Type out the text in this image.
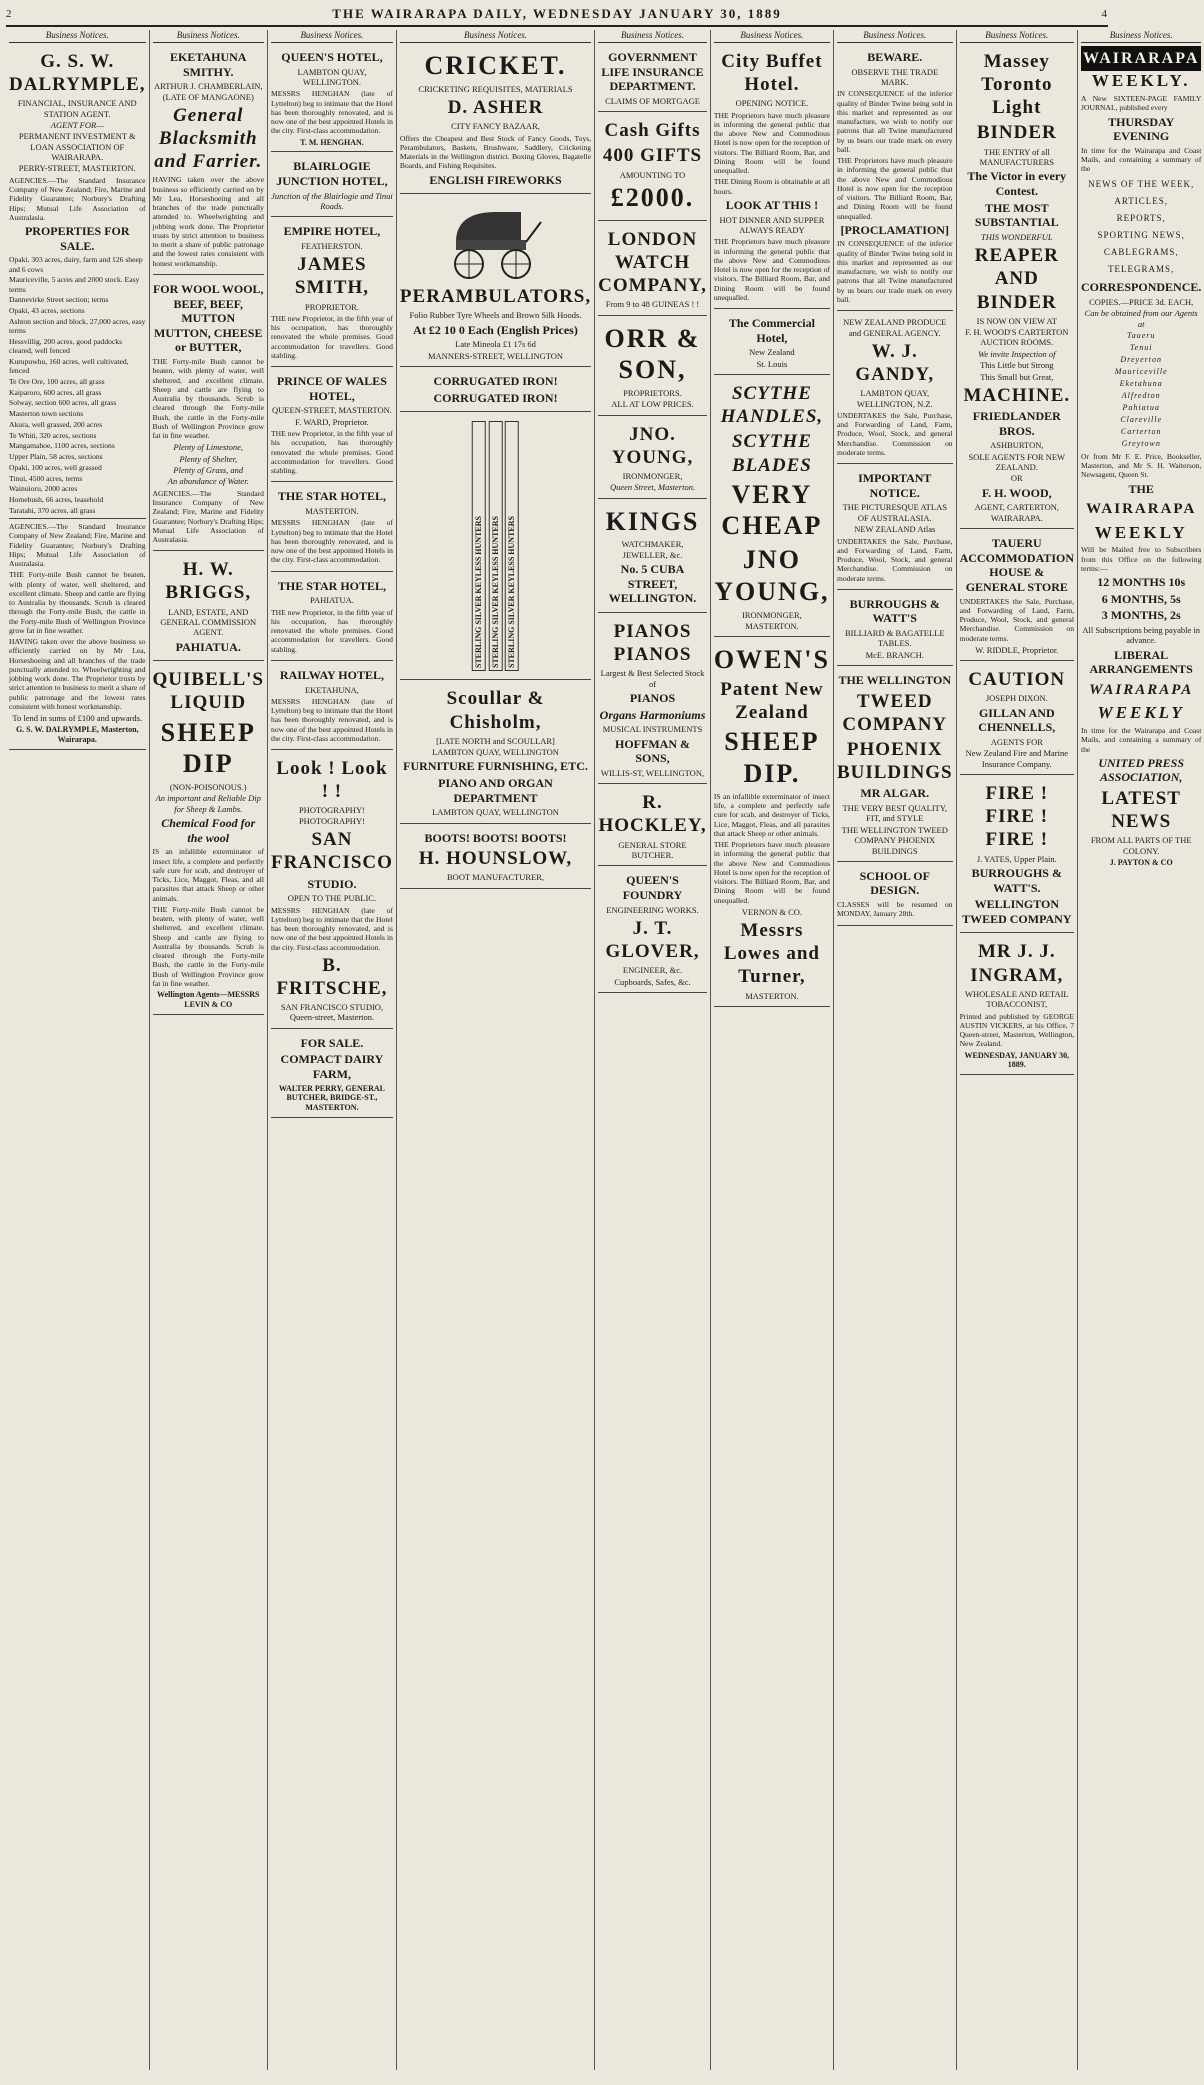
2	THE WAIRARAPA DAILY, WEDNESDAY JANUARY 30, 1889	4
Business Notices.
G. S. W. DALRYMPLE,
FINANCIAL, INSURANCE AND STATION AGENT.
AGENT FOR—
PERMANENT INVESTMENT & LOAN ASSOCIATION OF WAIRARAPA.
PERRY-STREET, MASTERTON.
AGENCIES.—The Standard Insurance Company of New Zealand; Fire, Marine and Fidelity Guarantee; Norbury's Drafting Hips; Mutual Life Association of Australasia.
PROPERTIES FOR SALE.
Opaki, 303 acres, dairy, farm and 126 sheep and 6 cows
Mauriceville, 5 acres and 2000 stock. Easy terms
Dannevirke Street section; terms
Opaki, 43 acres, sections
Ashton section and block, 27,000 acres, easy terms
Hessvillig, 200 acres, good paddocks cleared, well fenced
Kurupuwhu, 160 acres, well cultivated, fenced
Te Ore Ore, 100 acres, all grass
Kaiparoro, 600 acres, all grass
Solway, section 600 acres, all grass
Masterton town sections
Akura, well grassed, 200 acres
Te Whiti, 320 acres, sections
Mangamahoe, 1100 acres, sections
Upper Plain, 58 acres, sections
Opaki, 100 acres, well grassed
Tinui, 4500 acres, terms
Wainuioru, 2000 acres
Homebush, 66 acres, leasehold
Taratahi, 370 acres, all grass
AGENCIES.—The Standard Insurance Company of New Zealand; Fire, Marine and Fidelity Guarantee; Norbury's Drafting Hips; Mutual Life Association of Australasia.
THE Forty-mile Bush cannot be beaten, with plenty of water, well sheltered, and excellent climate. Sheep and cattle are flying to Australia by thousands. Scrub is cleared through the Forty-mile Bush, the cattle in the Forty-mile Bush of Wellington Province grow fat in fine weather.
HAVING taken over the above business so efficiently carried on by Mr Lea, Horseshoeing and all branches of the trade punctually attended to. Wheelwrighting and jobbing work done. The Proprietor trusts by strict attention to business to merit a share of public patronage and the lowest rates consistent with honest workmanship.
To lend in sums of £100 and upwards.
G. S. W. DALRYMPLE, Masterton, Wairarapa.
Business Notices.
EKETAHUNA SMITHY.
ARTHUR J. CHAMBERLAIN, (LATE OF MANGAONE)
General Blacksmith and Farrier.
HAVING taken over the above business so efficiently carried on by Mr Lea, Horseshoeing and all branches of the trade punctually attended to. Wheelwrighting and jobbing work done. The Proprietor trusts by strict attention to business to merit a share of public patronage and the lowest rates consistent with honest workmanship.
FOR WOOL WOOL, BEEF, BEEF, MUTTON MUTTON, CHEESE or BUTTER,
THE Forty-mile Bush cannot be beaten, with plenty of water, well sheltered, and excellent climate. Sheep and cattle are flying to Australia by thousands. Scrub is cleared through the Forty-mile Bush, the cattle in the Forty-mile Bush of Wellington Province grow fat in fine weather.
Plenty of Limestone,
Plenty of Shelter,
Plenty of Grass, and
An abundance of Water.
AGENCIES.—The Standard Insurance Company of New Zealand; Fire, Marine and Fidelity Guarantee; Norbury's Drafting Hips; Mutual Life Association of Australasia.
H. W. BRIGGS,
LAND, ESTATE, AND GENERAL COMMISSION AGENT.
PAHIATUA.
QUIBELL'S LIQUID
SHEEP DIP
(NON-POISONOUS.)
An important and Reliable Dip for Sheep & Lambs.
Chemical Food for the wool
IS an infallible exterminator of insect life, a complete and perfectly safe cure for scab, and destroyer of Ticks, Lice, Maggot, Fleas, and all parasites that attack Sheep or other animals.
THE Forty-mile Bush cannot be beaten, with plenty of water, well sheltered, and excellent climate. Sheep and cattle are flying to Australia by thousands. Scrub is cleared through the Forty-mile Bush, the cattle in the Forty-mile Bush of Wellington Province grow fat in fine weather.
Wellington Agents—MESSRS LEVIN & CO
Business Notices.
QUEEN'S HOTEL,
LAMBTON QUAY, WELLINGTON.
MESSRS HENGHAN (late of Lyttelton) beg to intimate that the Hotel has been thoroughly renovated, and is now one of the best appointed Hotels in the city. First-class accommodation.
T. M. HENGHAN.
BLAIRLOGIE JUNCTION HOTEL,
Junction of the Blairlogie and Tinui Roads.
EMPIRE HOTEL,
FEATHERSTON.
JAMES SMITH,
PROPRIETOR.
THE new Proprietor, in the fifth year of his occupation, has thoroughly renovated the whole premises. Good accommodation for travellers. Good stabling.
PRINCE OF WALES HOTEL,
QUEEN-STREET, MASTERTON.
F. WARD, Proprietor.
THE new Proprietor, in the fifth year of his occupation, has thoroughly renovated the whole premises. Good accommodation for travellers. Good stabling.
THE STAR HOTEL,
MASTERTON.
MESSRS HENGHAN (late of Lyttelton) beg to intimate that the Hotel has been thoroughly renovated, and is now one of the best appointed Hotels in the city. First-class accommodation.
THE STAR HOTEL,
PAHIATUA.
THE new Proprietor, in the fifth year of his occupation, has thoroughly renovated the whole premises. Good accommodation for travellers. Good stabling.
RAILWAY HOTEL,
EKETAHUNA,
MESSRS HENGHAN (late of Lyttelton) beg to intimate that the Hotel has been thoroughly renovated, and is now one of the best appointed Hotels in the city. First-class accommodation.
Look ! Look ! !
PHOTOGRAPHY! PHOTOGRAPHY!
SAN FRANCISCO
STUDIO.
OPEN TO THE PUBLIC.
MESSRS HENGHAN (late of Lyttelton) beg to intimate that the Hotel has been thoroughly renovated, and is now one of the best appointed Hotels in the city. First-class accommodation.
B. FRITSCHE,
SAN FRANCISCO STUDIO, Queen-street, Masterton.
FOR SALE.
COMPACT DAIRY FARM,
WALTER PERRY, GENERAL BUTCHER, BRIDGE-ST., MASTERTON.
Business Notices.
CRICKET.
CRICKETING REQUISITES, MATERIALS
D. ASHER
CITY FANCY BAZAAR,
Offers the Cheapest and Best Stock of Fancy Goods, Toys, Perambulators, Baskets, Brushware, Saddlery, Cricketing Materials in the Wellington district. Boxing Gloves, Bagatelle Boards, and Fishing Requisites.
ENGLISH FIREWORKS
PERAMBULATORS,
Folio Rubber Tyre Wheels and Brown Silk Hoods.
At £2 10 0 Each (English Prices)
Late Mineola £1 17s 6d
MANNERS-STREET, WELLINGTON
CORRUGATED IRON!
CORRUGATED IRON!
STERLING SILVER KEYLESS HUNTERS STERLING SILVER KEYLESS HUNTERS STERLING SILVER KEYLESS HUNTERS
Scoullar & Chisholm,
[LATE NORTH and SCOULLAR]
LAMBTON QUAY, WELLINGTON
FURNITURE FURNISHING, ETC.
PIANO AND ORGAN DEPARTMENT
LAMBTON QUAY, WELLINGTON
BOOTS! BOOTS! BOOTS!
H. HOUNSLOW,
BOOT MANUFACTURER,
Business Notices.
GOVERNMENT LIFE INSURANCE DEPARTMENT.
CLAIMS OF MORTGAGE
Cash Gifts
400 GIFTS
AMOUNTING TO
£2000.
LONDON WATCH COMPANY,
From 9 to 48 GUINEAS ! !
ORR & SON,
PROPRIETORS.
ALL AT LOW PRICES.
JNO. YOUNG,
IRONMONGER,
Queen Street, Masterton.
KINGS
WATCHMAKER, JEWELLER, &c.
No. 5 CUBA STREET, WELLINGTON.
PIANOS PIANOS
Largest & Best Selected Stock of
PIANOS
Organs Harmoniums
MUSICAL INSTRUMENTS
HOFFMAN & SONS,
WILLIS-ST, WELLINGTON,
R. HOCKLEY,
GENERAL STORE BUTCHER.
QUEEN'S FOUNDRY
ENGINEERING WORKS.
J. T. GLOVER,
ENGINEER, &c.
Cupboards, Safes, &c.
Business Notices.
City Buffet Hotel.
OPENING NOTICE.
THE Proprietors have much pleasure in informing the general public that the above New and Commodious Hotel is now open for the reception of visitors. The Billiard Room, Bar, and Dining Room will be found unequalled.
THE Dining Room is obtainable at all hours.
LOOK AT THIS !
HOT DINNER AND SUPPER ALWAYS READY
THE Proprietors have much pleasure in informing the general public that the above New and Commodious Hotel is now open for the reception of visitors. The Billiard Room, Bar, and Dining Room will be found unequalled.
The Commercial Hotel,
New Zealand
St. Louis
SCYTHE HANDLES,
SCYTHE BLADES
VERY CHEAP
JNO YOUNG,
IRONMONGER,
MASTERTON.
OWEN'S
Patent New Zealand
SHEEP DIP.
IS an infallible exterminator of insect life, a complete and perfectly safe cure for scab, and destroyer of Ticks, Lice, Maggot, Fleas, and all parasites that attack Sheep or other animals.
THE Proprietors have much pleasure in informing the general public that the above New and Commodious Hotel is now open for the reception of visitors. The Billiard Room, Bar, and Dining Room will be found unequalled.
VERNON & CO.
Messrs Lowes and Turner,
MASTERTON.
Business Notices.
BEWARE.
OBSERVE THE TRADE MARK.
IN CONSEQUENCE of the inferior quality of Binder Twine being sold in this market and represented as our manufacture, we wish to notify our patrons that all Twine manufactured by us bears our trade mark on every ball.
THE Proprietors have much pleasure in informing the general public that the above New and Commodious Hotel is now open for the reception of visitors. The Billiard Room, Bar, and Dining Room will be found unequalled.
[PROCLAMATION]
IN CONSEQUENCE of the inferior quality of Binder Twine being sold in this market and represented as our manufacture, we wish to notify our patrons that all Twine manufactured by us bears our trade mark on every ball.
NEW ZEALAND PRODUCE and GENERAL AGENCY.
W. J. GANDY,
LAMBTON QUAY, WELLINGTON, N.Z.
UNDERTAKES the Sale, Purchase, and Forwarding of Land, Farm, Produce, Wool, Stock, and general Merchandise. Commission on moderate terms.
IMPORTANT NOTICE.
THE PICTURESQUE ATLAS OF AUSTRALASIA.
NEW ZEALAND Atlas
UNDERTAKES the Sale, Purchase, and Forwarding of Land, Farm, Produce, Wool, Stock, and general Merchandise. Commission on moderate terms.
BURROUGHS & WATT'S
BILLIARD & BAGATELLE TABLES.
McE. BRANCH.
THE WELLINGTON
TWEED COMPANY
PHOENIX BUILDINGS
MR ALGAR.
THE VERY BEST QUALITY, FIT, and STYLE
THE WELLINGTON TWEED COMPANY PHOENIX BUILDINGS
SCHOOL OF DESIGN.
CLASSES will be resumed on MONDAY, January 28th.
Business Notices.
Massey Toronto Light
BINDER
THE ENTRY of all MANUFACTURERS
The Victor in every Contest.
THE MOST SUBSTANTIAL
THIS WONDERFUL
REAPER AND BINDER
IS NOW ON VIEW AT
F. H. WOOD'S CARTERTON AUCTION ROOMS.
We invite Inspection of
This Little but Strong
This Small but Great,
MACHINE.
FRIEDLANDER BROS.
ASHBURTON,
SOLE AGENTS FOR NEW ZEALAND.
OR
F. H. WOOD,
AGENT, CARTERTON, WAIRARAPA.
TAUERU ACCOMMODATION HOUSE & GENERAL STORE
UNDERTAKES the Sale, Purchase, and Forwarding of Land, Farm, Produce, Wool, Stock, and general Merchandise. Commission on moderate terms.
W. RIDDLE, Proprietor.
CAUTION
JOSEPH DIXON.
GILLAN AND CHENNELLS,
AGENTS FOR
New Zealand Fire and Marine Insurance Company.
FIRE ! FIRE ! FIRE !
J. YATES, Upper Plain.
BURROUGHS & WATT'S.
WELLINGTON TWEED COMPANY
MR J. J. INGRAM,
WHOLESALE AND RETAIL TOBACCONIST,
Printed and published by GEORGE AUSTIN VICKERS, at his Office, 7 Queen-street, Masterton, Wellington, New Zealand.
WEDNESDAY, JANUARY 30, 1889.
Business Notices.
WAIRARAPA
WEEKLY.
A New SIXTEEN-PAGE FAMILY JOURNAL, published every
THURSDAY EVENING
In time for the Wairarapa and Coast Mails, and containing a summary of the
NEWS OF THE WEEK,
ARTICLES,
REPORTS,
SPORTING NEWS,
CABLEGRAMS,
TELEGRAMS,
CORRESPONDENCE.
COPIES.—PRICE 3d. EACH,
Can be obtained from our Agents at
Taueru
Tenui
Dreyerton
Mauriceville
Eketahuna
Alfredton
Pahiatua
Clareville
Carterton
Greytown
Or from Mr F. E. Price, Bookseller, Masterton, and Mr S. H. Waiterson, Newsagent, Queen St.
THE
WAIRARAPA
WEEKLY
Will be Mailed free to Subscribers from this Office on the following terms:—
12 MONTHS 10s
6 MONTHS, 5s
3 MONTHS, 2s
All Subscriptions being payable in advance.
LIBERAL ARRANGEMENTS
WAIRARAPA
WEEKLY
In time for the Wairarapa and Coast Mails, and containing a summary of the
UNITED PRESS ASSOCIATION,
LATEST NEWS
FROM ALL PARTS OF THE COLONY.
J. PAYTON & CO
